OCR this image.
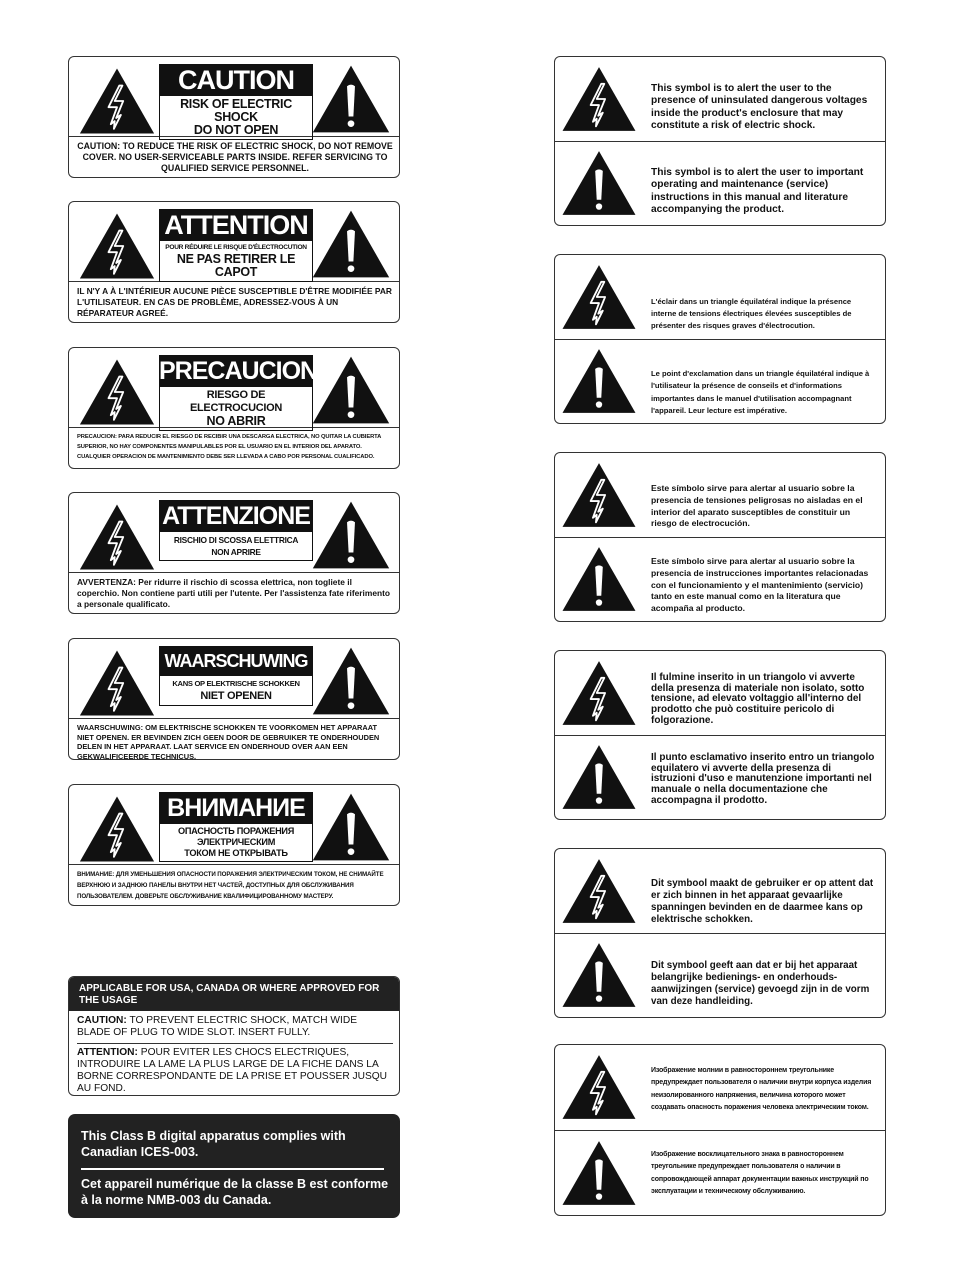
CAUTION
RISK OF ELECTRIC SHOCK
DO NOT OPEN
CAUTION: TO REDUCE THE RISK OF ELECTRIC SHOCK, DO NOT REMOVE COVER. NO USER-SERVICEABLE PARTS INSIDE. REFER SERVICING TO QUALIFIED SERVICE PERSONNEL.
ATTENTION
POUR RÉDUIRE LE RISQUE D'ÉLECTROCUTION
NE PAS RETIRER LE CAPOT
IL N'Y A À L'INTÉRIEUR AUCUNE PIÈCE SUSCEPTIBLE D'ÊTRE MODIFIÉE PAR L'UTILISATEUR. EN CAS DE PROBLÈME, ADRESSEZ-VOUS À UN RÉPARATEUR AGREÉ.
PRECAUCION
RIESGO DE ELECTROCUCION
NO ABRIR
PRECAUCION: PARA REDUCIR EL RIESGO DE RECIBIR UNA DESCARGA ELECTRICA, NO QUITAR LA CUBIERTA SUPERIOR, NO HAY COMPONENTES MANIPULABLES POR EL USUARIO EN EL INTERIOR DEL APARATO. CUALQUIER OPERACION DE MANTENIMIENTO DEBE SER LLEVADA A CABO POR PERSONAL CUALIFICADO.
ATTENZIONE
RISCHIO DI SCOSSA ELETTRICA
NON APRIRE
AVVERTENZA: Per ridurre il rischio di scossa elettrica, non togliete il coperchio. Non contiene parti utili per l'utente. Per l'assistenza fate riferimento a personale qualificato.
WAARSCHUWING
KANS OP ELEKTRISCHE SCHOKKEN
NIET OPENEN
WAARSCHUWING: OM ELEKTRISCHE SCHOKKEN TE VOORKOMEN HET APPARAAT NIET OPENEN. ER BEVINDEN ZICH GEEN DOOR DE GEBRUIKER TE ONDERHOUDEN DELEN IN HET APPARAAT. LAAT SERVICE EN ONDERHOUD OVER AAN EEN GEKWALIFICEERDE TECHNICUS.
ВНИМАНИЕ
ОПАСНОСТЬ ПОРАЖЕНИЯ ЭЛЕКТРИЧЕСКИМ
ТОКОМ НЕ ОТКРЫВАТЬ
ВНИМАНИЕ: ДЛЯ УМЕНЬШЕНИЯ ОПАСНОСТИ ПОРАЖЕНИЯ ЭЛЕКТРИЧЕСКИМ ТОКОМ, НЕ СНИМАЙТЕ ВЕРХНЮЮ И ЗАДНЮЮ ПАНЕЛЫ ВНУТРИ НЕТ ЧАСТЕЙ, ДОСТУПНЫХ ДЛЯ ОБСЛУЖИВАНИЯ ПОЛЬЗОВАТЕЛЕМ. ДОВЕРЬТЕ ОБСЛУЖИВАНИЕ КВАЛИФИЦИРОВАННОМУ МАСТЕРУ.
APPLICABLE FOR USA, CANADA OR WHERE APPROVED FOR THE USAGE
CAUTION: TO PREVENT ELECTRIC SHOCK, MATCH WIDE BLADE OF PLUG TO WIDE SLOT. INSERT FULLY.
ATTENTION: POUR EVITER LES CHOCS ELECTRIQUES, INTRODUIRE LA LAME LA PLUS LARGE DE LA FICHE DANS LA BORNE CORRESPONDANTE DE LA PRISE ET POUSSER JUSQU AU FOND.
This Class B digital apparatus complies with Canadian ICES-003.
Cet appareil numérique de la classe B est conforme à la norme NMB-003 du Canada.
This symbol is to alert the user to the presence of uninsulated dangerous voltages inside the product's enclosure that may constitute a risk of electric shock.
This symbol is to alert the user to important operating and maintenance (service) instructions in this manual and literature accompanying the product.
L'éclair dans un triangle équilatéral indique la présence interne de tensions électriques élevées susceptibles de présenter des risques graves d'électrocution.
Le point d'exclamation dans un triangle équilatéral indique à l'utilisateur la présence de conseils et d'informations importantes dans le manuel d'utilisation accompagnant l'appareil. Leur lecture est impérative.
Este símbolo sirve para alertar al usuario sobre la presencia de tensiones peligrosas no aisladas en el interior del aparato susceptibles de constituir un riesgo de electrocución.
Este símbolo sirve para alertar al usuario sobre la presencia de instrucciones importantes relacionadas con el funcionamiento y el mantenimiento (servicio) tanto en este manual como en la literatura que acompaña al producto.
Il fulmine inserito in un triangolo vi avverte della presenza di materiale non isolato, sotto tensione, ad elevato voltaggio all'interno del prodotto che può costituire pericolo di folgorazione.
Il punto esclamativo inserito entro un triangolo equilatero vi avverte della presenza di istruzioni d'uso e manutenzione importanti nel manuale o nella documentazione che accompagna il prodotto.
Dit symbool maakt de gebruiker er op attent dat er zich binnen in het apparaat gevaarlijke spanningen bevinden en de daarmee kans op elektrische schokken.
Dit symbool geeft aan dat er bij het apparaat belangrijke bedienings- en onderhouds-aanwijzingen (service) gevoegd zijn in de vorm van deze handleiding.
Изображение молнии в равностороннем треугольнике предупреждает пользователя о наличии внутри корпуса изделия неизолированного напряжения, величина которого может создавать опасность поражения человека электрическим током.
Изображение восклицательного знака в равностороннем треугольнике предупреждает пользователя о наличии в сопровождающей аппарат документации важных инструкций по эксплуатации и техническому обслуживанию.
